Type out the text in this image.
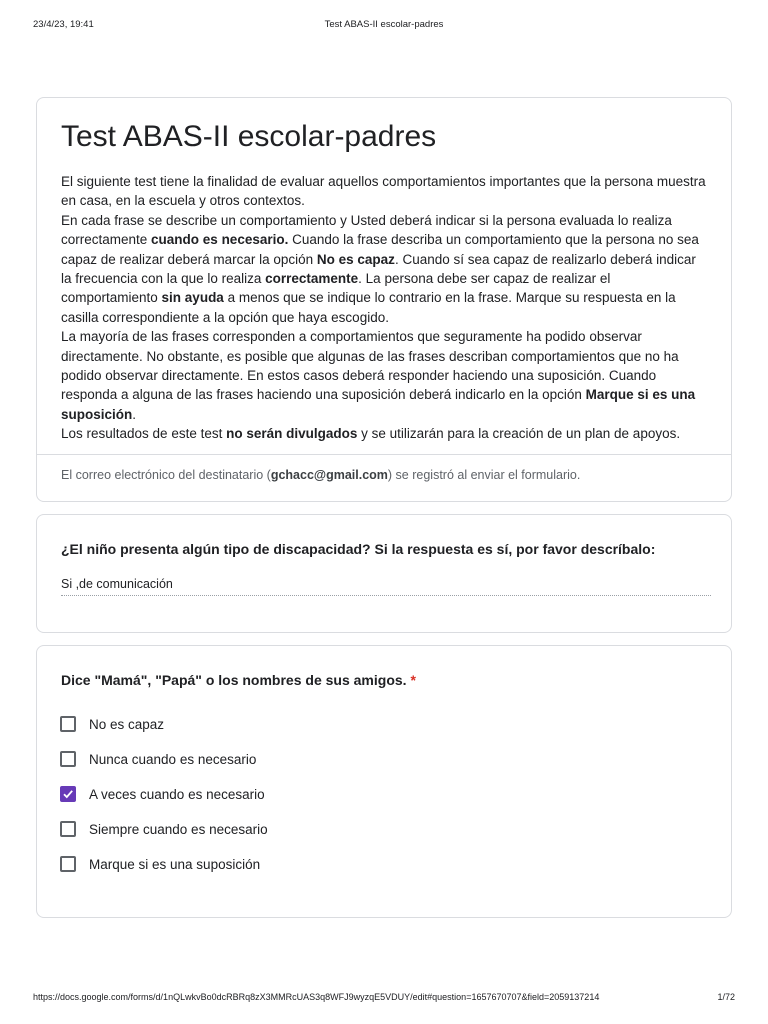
23/4/23, 19:41	Test ABAS-II escolar-padres
Test ABAS-II escolar-padres

El siguiente test tiene la finalidad de evaluar aquellos comportamientos importantes que la persona muestra en casa, en la escuela y otros contextos.

En cada frase se describe un comportamiento y Usted deberá indicar si la persona evaluada lo realiza correctamente cuando es necesario. Cuando la frase describa un comportamiento que la persona no sea capaz de realizar deberá marcar la opción No es capaz. Cuando sí sea capaz de realizarlo deberá indicar la frecuencia con la que lo realiza correctamente. La persona debe ser capaz de realizar el comportamiento sin ayuda a menos que se indique lo contrario en la frase. Marque su respuesta en la casilla correspondiente a la opción que haya escogido.

La mayoría de las frases corresponden a comportamientos que seguramente ha podido observar directamente. No obstante, es posible que algunas de las frases describan comportamientos que no ha podido observar directamente. En estos casos deberá responder haciendo una suposición. Cuando responda a alguna de las frases haciendo una suposición deberá indicarlo en la opción Marque si es una suposición.

Los resultados de este test no serán divulgados y se utilizarán para la creación de un plan de apoyos.

El correo electrónico del destinatario (gchacc@gmail.com) se registró al enviar el formulario.
¿El niño presenta algún tipo de discapacidad? Si la respuesta es sí, por favor descríbalo:
Si ,de comunicación
Dice "Mamá", "Papá" o los nombres de sus amigos. *
No es capaz
Nunca cuando es necesario
A veces cuando es necesario
Siempre cuando es necesario
Marque si es una suposición
https://docs.google.com/forms/d/1nQLwkvBo0dcRBRq8zX3MMRcUAS3q8WFJ9wyzqE5VDUY/edit#question=1657670707&field=2059137214	1/72
